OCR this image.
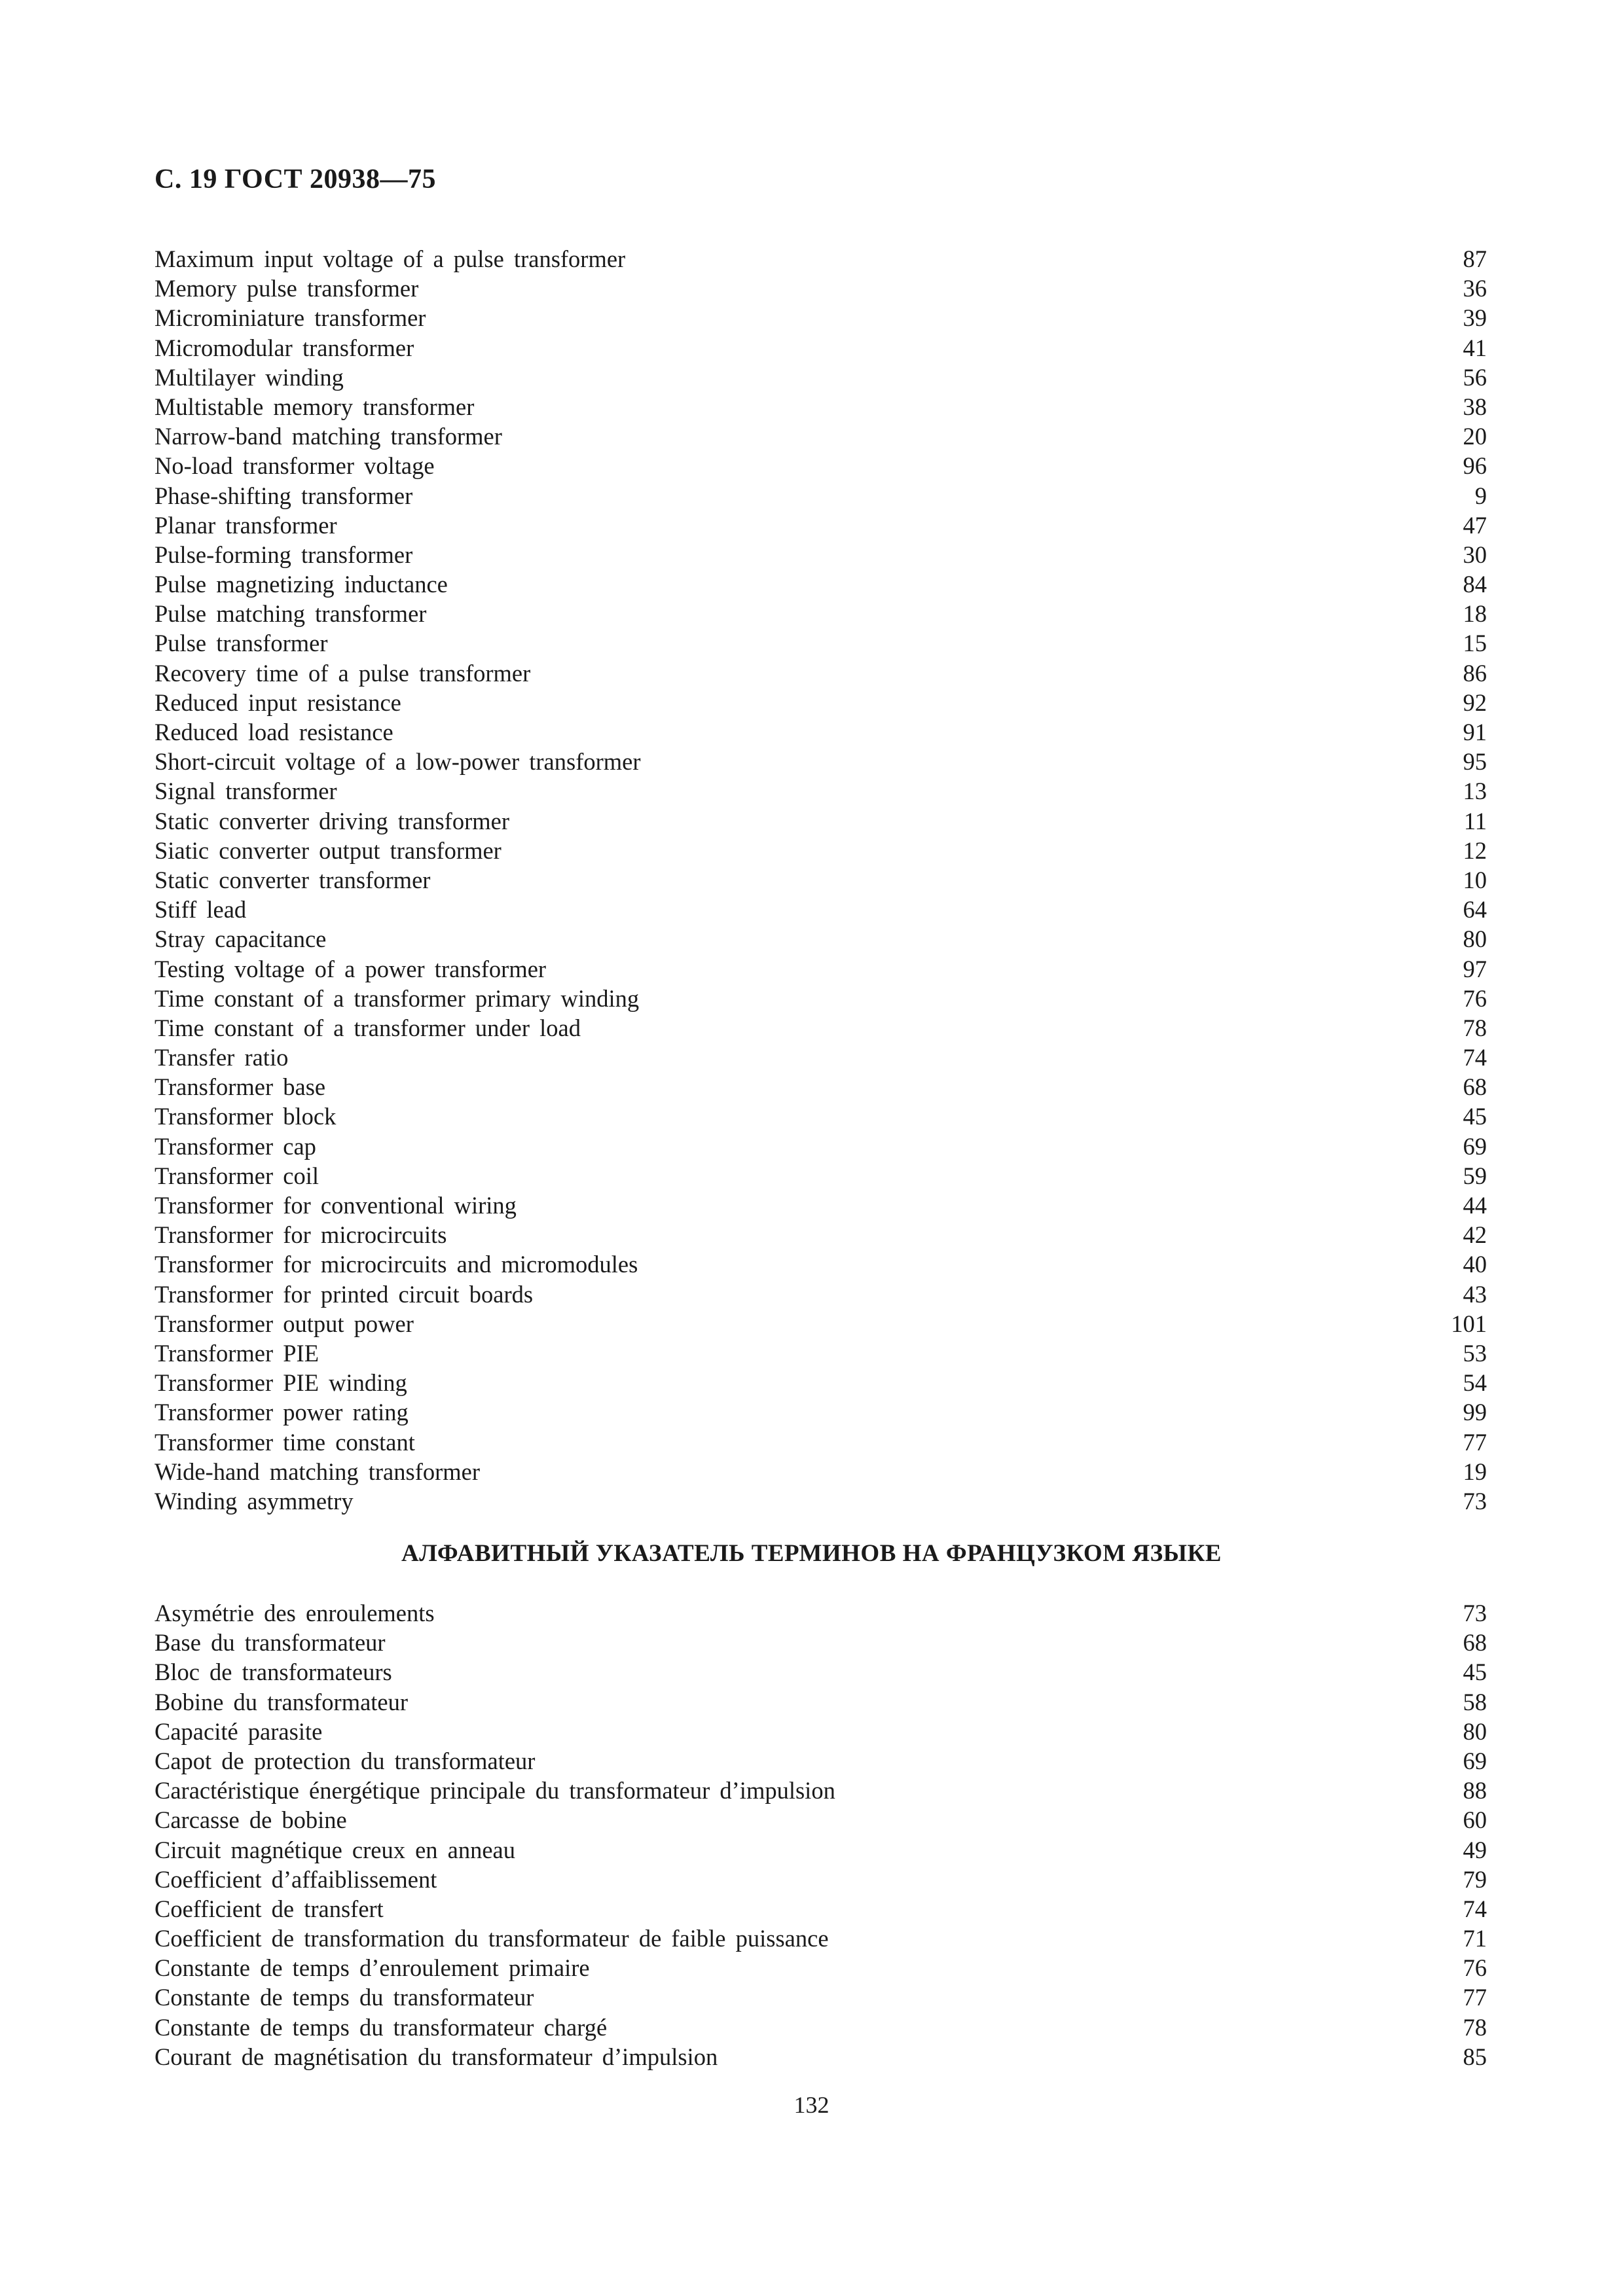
С. 19 ГОСТ 20938—75
Maximum input voltage of a pulse transformer	87
Memory pulse transformer	36
Microminiature transformer	39
Micromodular transformer	41
Multilayer winding	56
Multistable memory transformer	38
Narrow-band matching transformer	20
No-load transformer voltage	96
Phase-shifting transformer	9
Planar transformer	47
Pulse-forming transformer	30
Pulse magnetizing inductance	84
Pulse matching transformer	18
Pulse transformer	15
Recovery time of a pulse transformer	86
Reduced input resistance	92
Reduced load resistance	91
Short-circuit voltage of a low-power transformer	95
Signal transformer	13
Static converter driving transformer	11
Siatic converter output transformer	12
Static converter transformer	10
Stiff lead	64
Stray capacitance	80
Testing voltage of a power transformer	97
Time constant of a transformer primary winding	76
Time constant of a transformer under load	78
Transfer ratio	74
Transformer base	68
Transformer block	45
Transformer cap	69
Transformer coil	59
Transformer for conventional wiring	44
Transformer for microcircuits	42
Transformer for microcircuits and micromodules	40
Transformer for printed circuit boards	43
Transformer output power	101
Transformer PIE	53
Transformer PIE winding	54
Transformer power rating	99
Transformer time constant	77
Wide-hand matching transformer	19
Winding asymmetry	73
АЛФАВИТНЫЙ УКАЗАТЕЛЬ ТЕРМИНОВ НА ФРАНЦУЗКОМ ЯЗЫКЕ
Asymétrie des enroulements	73
Base du transformateur	68
Bloc de transformateurs	45
Bobine du transformateur	58
Capacité parasite	80
Capot de protection du transformateur	69
Caractéristique énergétique principale du transformateur d’impulsion	88
Carcasse de bobine	60
Circuit magnétique creux en anneau	49
Coefficient d’affaiblissement	79
Coefficient de transfert	74
Coefficient de transformation du transformateur de faible puissance	71
Constante de temps d’enroulement primaire	76
Constante de temps du transformateur	77
Constante de temps du transformateur chargé	78
Courant de magnétisation du transformateur d’impulsion	85
132
